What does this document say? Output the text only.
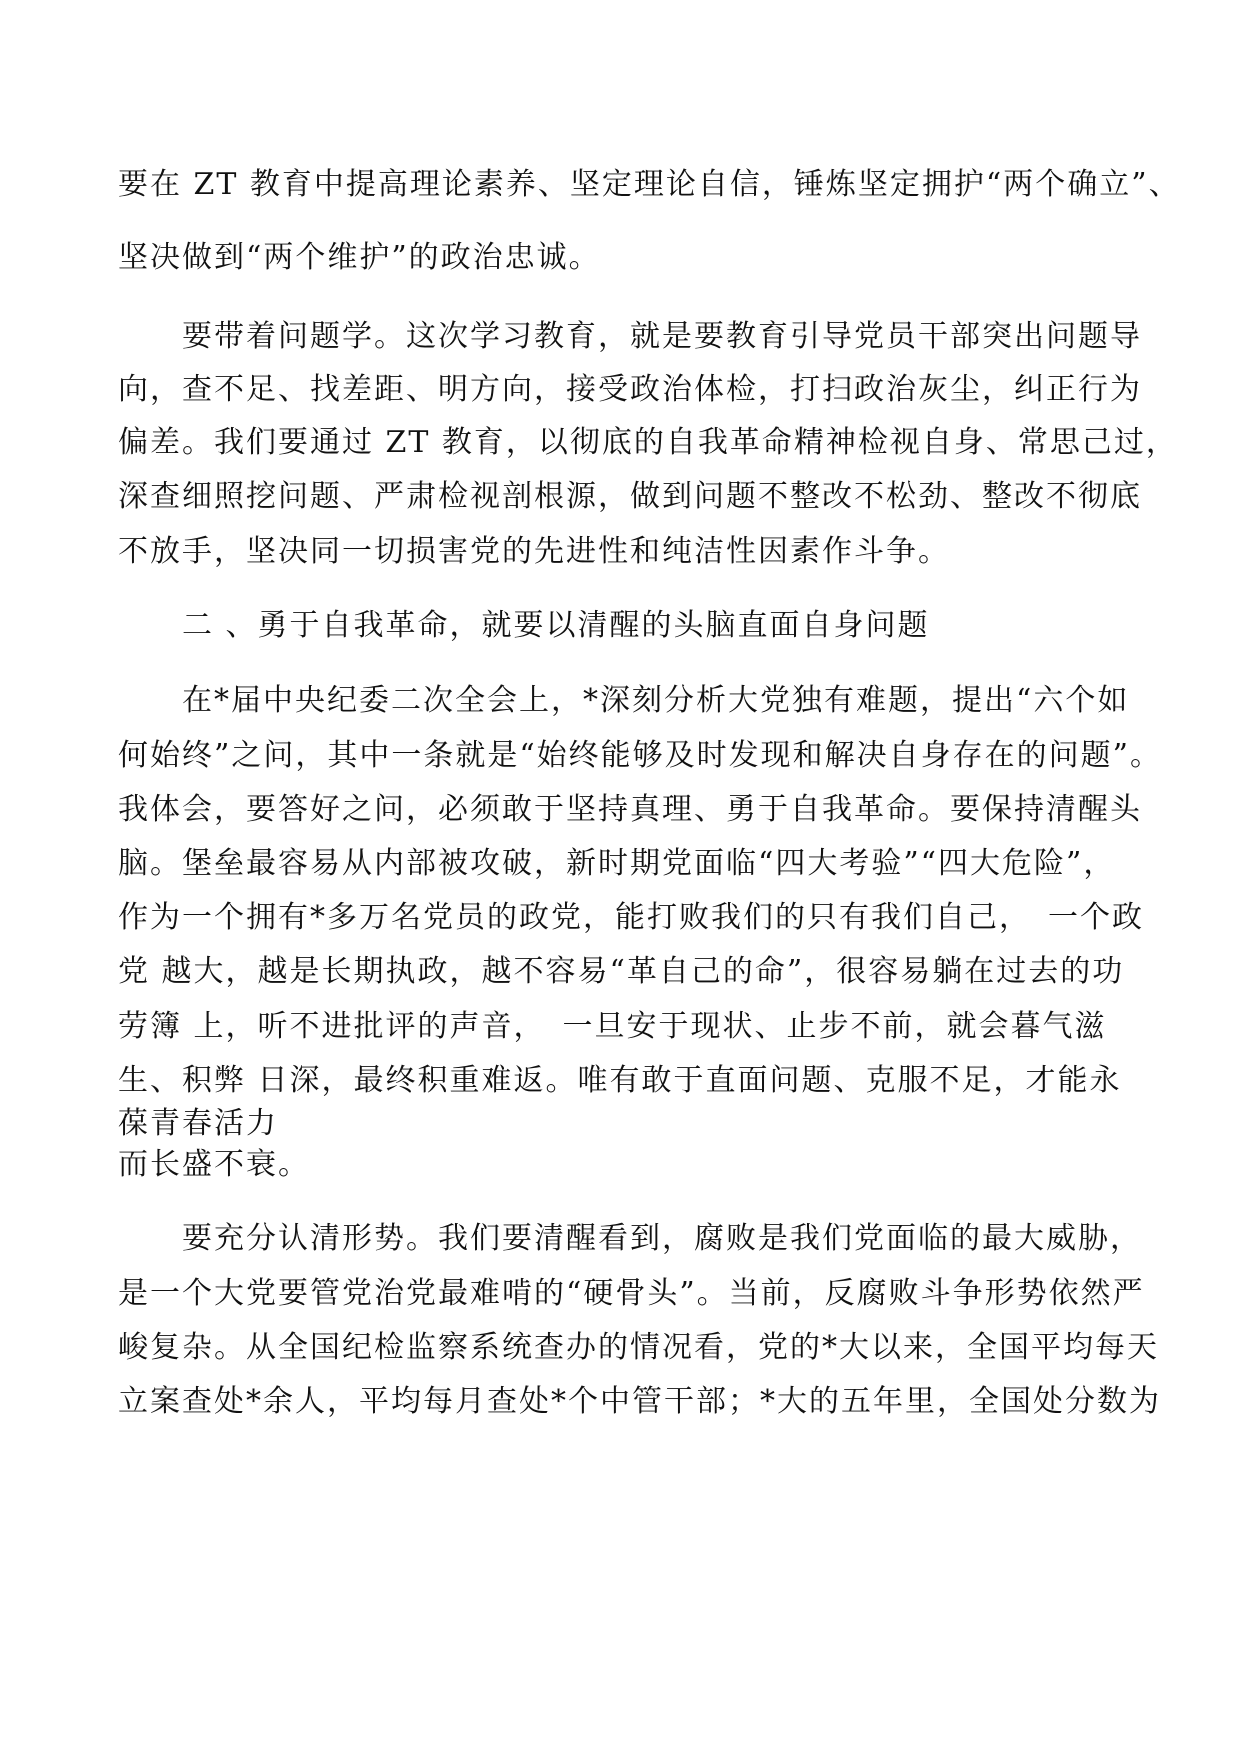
要在 ZT 教育中提高理论素养、坚定理论自信，锤炼坚定拥护“两个确立”、
坚决做到“两个维护”的政治忠诚。
要带着问题学。这次学习教育，就是要教育引导党员干部突出问题导
向，查不足、找差距、明方向，接受政治体检，打扫政治灰尘，纠正行为
偏差。我们要通过 ZT 教育，以彻底的自我革命精神检视自身、常思己过，
深查细照挖问题、严肃检视剖根源，做到问题不整改不松劲、整改不彻底
不放手，坚决同一切损害党的先进性和纯洁性因素作斗争。
二 、勇于自我革命，就要以清醒的头脑直面自身问题
在*届中央纪委二次全会上，*深刻分析大党独有难题，提出“六个如
何始终”之问，其中一条就是“始终能够及时发现和解决自身存在的问题”。
我体会，要答好之问，必须敢于坚持真理、勇于自我革命。要保持清醒头
脑。堡垒最容易从内部被攻破，新时期党面临“四大考验”“四大危险”，
作为一个拥有*多万名党员的政党，能打败我们的只有我们自己，　一个政
党 越大，越是长期执政，越不容易“革自己的命”，很容易躺在过去的功
劳簿 上，听不进批评的声音，　一旦安于现状、止步不前，就会暮气滋
生、积弊 日深，最终积重难返。唯有敢于直面问题、克服不足，才能永
葆青春活力
而长盛不衰。
要充分认清形势。我们要清醒看到，腐败是我们党面临的最大威胁，
是一个大党要管党治党最难啃的“硬骨头”。当前，反腐败斗争形势依然严
峻复杂。从全国纪检监察系统查办的情况看，党的*大以来，全国平均每天
立案查处*余人，平均每月查处*个中管干部；*大的五年里，全国处分数为
